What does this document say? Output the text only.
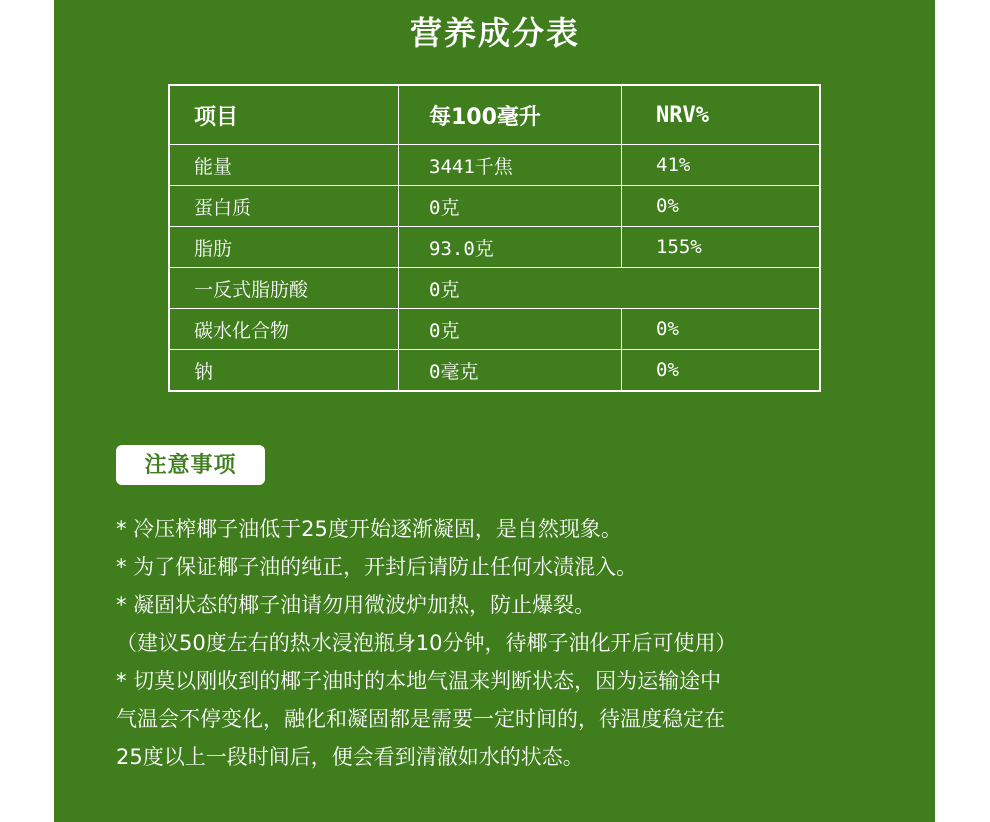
营养成分表
项目	每100毫升	NRV%
能量	3441千焦	41%
蛋白质	0克	0%
脂肪	93.0克	155%
一反式脂肪酸	0克	
碳水化合物	0克	0%
钠	0毫克	0%
注意事项

* 冷压榨椰子油低于25度开始逐渐凝固，是自然现象。

* 为了保证椰子油的纯正，开封后请防止任何水渍混入。

* 凝固状态的椰子油请勿用微波炉加热，防止爆裂。

（建议50度左右的热水浸泡瓶身10分钟，待椰子油化开后可使用）

* 切莫以刚收到的椰子油时的本地气温来判断状态，因为运输途中

气温会不停变化，融化和凝固都是需要一定时间的，待温度稳定在

25度以上一段时间后，便会看到清澈如水的状态。
